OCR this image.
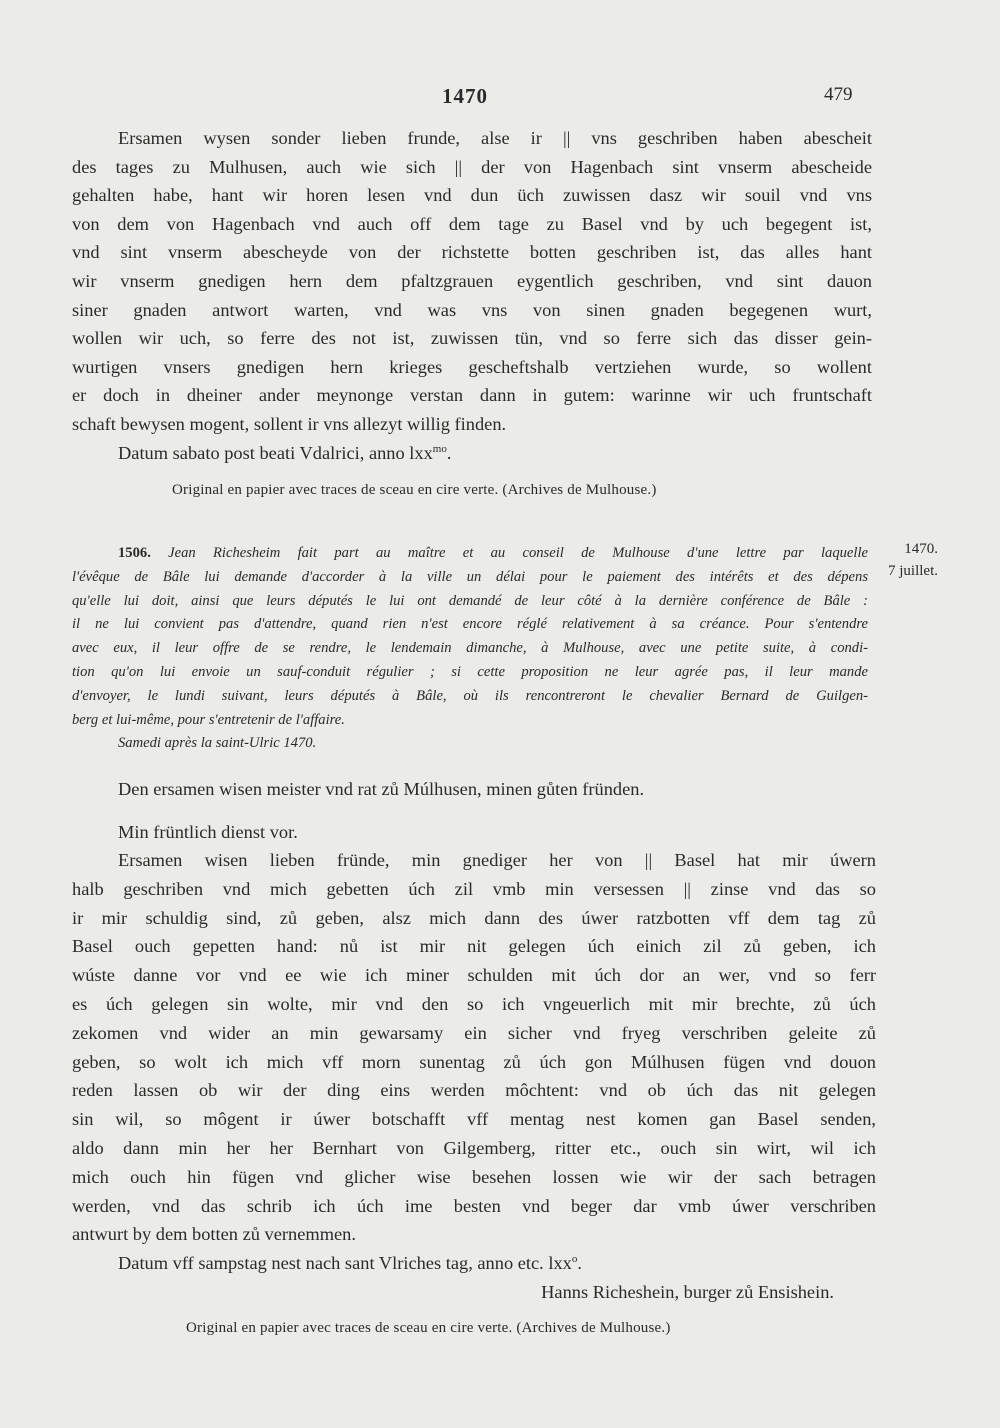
1470	479
Ersamen wysen sonder lieben frunde, alse ir || vns geschriben haben abescheit
des tages zu Mulhusen, auch wie sich || der von Hagenbach sint vnserm abescheide
gehalten habe, hant wir horen lesen vnd dun üch zuwissen dasz wir souil vnd vns
von dem von Hagenbach vnd auch off dem tage zu Basel vnd by uch begegent ist,
vnd sint vnserm abescheyde von der richstette botten geschriben ist, das alles hant
wir vnserm gnedigen hern dem pfaltzgrauen eygentlich geschriben, vnd sint dauon
siner gnaden antwort warten, vnd was vns von sinen gnaden begegenen wurt,
wollen wir uch, so ferre des not ist, zuwissen tün, vnd so ferre sich das disser gein-
wurtigen vnsers gnedigen hern krieges gescheftshalb vertziehen wurde, so wollent
er doch in dheiner ander meynonge verstan dann in gutem: warinne wir uch fruntschaft
schaft bewysen mogent, sollent ir vns allezyt willig finden.
Datum sabato post beati Vdalrici, anno lxx$^{mo}$.
Original en papier avec traces de sceau en cire verte. (Archives de Mulhouse.)
1470.
7 juillet.
1506. Jean Richesheim fait part au maître et au conseil de Mulhouse d'une lettre par laquelle
l'évêque de Bâle lui demande d'accorder à la ville un délai pour le paiement des intérêts et des dépens
qu'elle lui doit, ainsi que leurs députés le lui ont demandé de leur côté à la dernière conférence de Bâle :
il ne lui convient pas d'attendre, quand rien n'est encore réglé relativement à sa créance. Pour s'entendre
avec eux, il leur offre de se rendre, le lendemain dimanche, à Mulhouse, avec une petite suite, à condi-
tion qu'on lui envoie un sauf-conduit régulier ; si cette proposition ne leur agrée pas, il leur mande
d'envoyer, le lundi suivant, leurs députés à Bâle, où ils rencontreront le chevalier Bernard de Guilgen-
berg et lui-même, pour s'entretenir de l'affaire.
Samedi après la saint-Ulric 1470.
Den ersamen wisen meister vnd rat zů Múlhusen, minen gůten fründen.
Min früntlich dienst vor.
Ersamen wisen lieben fründe, min gnediger her von || Basel hat mir úwern
halb geschriben vnd mich gebetten úch zil vmb min versessen || zinse vnd das so
ir mir schuldig sind, zů geben, alsz mich dann des úwer ratzbotten vff dem tag zů
Basel ouch gepetten hand: nů ist mir nit gelegen úch einich zil zů geben, ich
wúste danne vor vnd ee wie ich miner schulden mit úch dor an wer, vnd so ferr
es úch gelegen sin wolte, mir vnd den so ich vngeuerlich mit mir brechte, zů úch
zekomen vnd wider an min gewarsamy ein sicher vnd fryeg verschriben geleite zů
geben, so wolt ich mich vff morn sunentag zů úch gon Múlhusen fügen vnd douon
reden lassen ob wir der ding eins werden môchtent: vnd ob úch das nit gelegen
sin wil, so môgent ir úwer botschafft vff mentag nest komen gan Basel senden,
aldo dann min her her Bernhart von Gilgemberg, ritter etc., ouch sin wirt, wil ich
mich ouch hin fügen vnd glicher wise besehen lossen wie wir der sach betragen
werden, vnd das schrib ich úch ime besten vnd beger dar vmb úwer verschriben
antwurt by dem botten zů vernemmen.
Datum vff sampstag nest nach sant Vlriches tag, anno etc. lxx$^o$.
Hanns Richeshein, burger zů Ensishein.
Original en papier avec traces de sceau en cire verte. (Archives de Mulhouse.)
